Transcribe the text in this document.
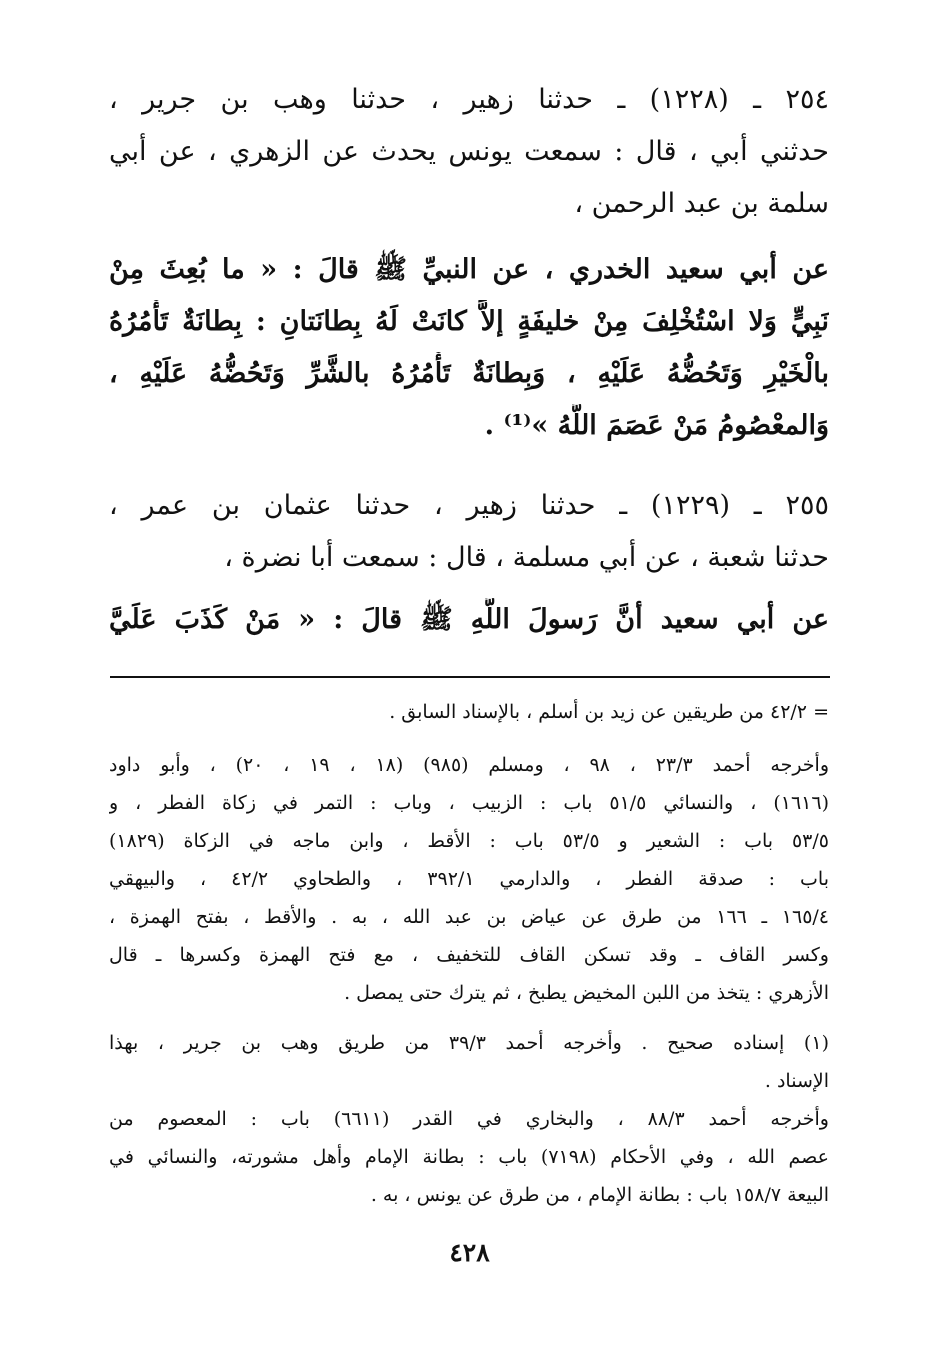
٢٥٤ ـ (١٢٢٨) ـ حدثنا زهير ، حدثنا وهب بن جرير ،
حدثني أبي ، قال : سمعت يونس يحدث عن الزهري ، عن أبي
سلمة بن عبد الرحمن ،
عن أبي سعيد الخدري ، عن النبيِّ ﷺ قالَ : « ما بُعِثَ مِنْ
نَبِيٍّ وَلا اسْتُخْلِفَ مِنْ خليفَةٍ إلاَّ كانَتْ لَهُ بِطانَتانِ : بِطانَةٌ تَأْمُرُهُ
بالْخَيْرِ وَتَحُضُّهُ عَلَيْهِ ، وَبِطانَةٌ تَأْمُرُهُ بالشَّرِّ وَتَحُضُّهُ عَلَيْهِ ،
وَالمعْصُومُ مَنْ عَصَمَ اللَّهُ »⁽¹⁾ .
٢٥٥ ـ (١٢٢٩) ـ حدثنا زهير ، حدثنا عثمان بن عمر ،
حدثنا شعبة ، عن أبي مسلمة ، قال : سمعت أبا نضرة ،
عن أبي سعيد أنَّ رَسولَ اللَّهِ ﷺ قالَ : « مَنْ كَذَبَ عَلَيَّ
= ٤٢/٢ من طريقين عن زيد بن أسلم ، بالإسناد السابق .
وأخرجه أحمد ٢٣/٣ ، ٩٨ ، ومسلم (٩٨٥) (١٨ ، ١٩ ، ٢٠) ، وأبو داود
(١٦١٦) ، والنسائي ٥١/٥ باب : الزبيب ، وباب : التمر في زكاة الفطر ، و
٥٣/٥ باب : الشعير و ٥٣/٥ باب : الأقط ، وابن ماجه في الزكاة (١٨٢٩)
باب : صدقة الفطر ، والدارمي ٣٩٢/١ ، والطحاوي ٤٢/٢ ، والبيهقي
١٦٥/٤ ـ ١٦٦ من طرق عن عياض بن عبد الله ، به . والأقط ، بفتح الهمزة ،
وكسر القاف ـ وقد تسكن القاف للتخفيف ، مع فتح الهمزة وكسرها ـ قال
الأزهري : يتخذ من اللبن المخيض يطبخ ، ثم يترك حتى يمصل .
(١) إسناده صحيح . وأخرجه أحمد ٣٩/٣ من طريق وهب بن جرير ، بهذا
الإسناد .
وأخرجه أحمد ٨٨/٣ ، والبخاري في القدر (٦٦١١) باب : المعصوم من
عصم الله ، وفي الأحكام (٧١٩٨) باب : بطانة الإمام وأهل مشورته، والنسائي في
البيعة ١٥٨/٧ باب : بطانة الإمام ، من طرق عن يونس ، به .
٤٢٨
